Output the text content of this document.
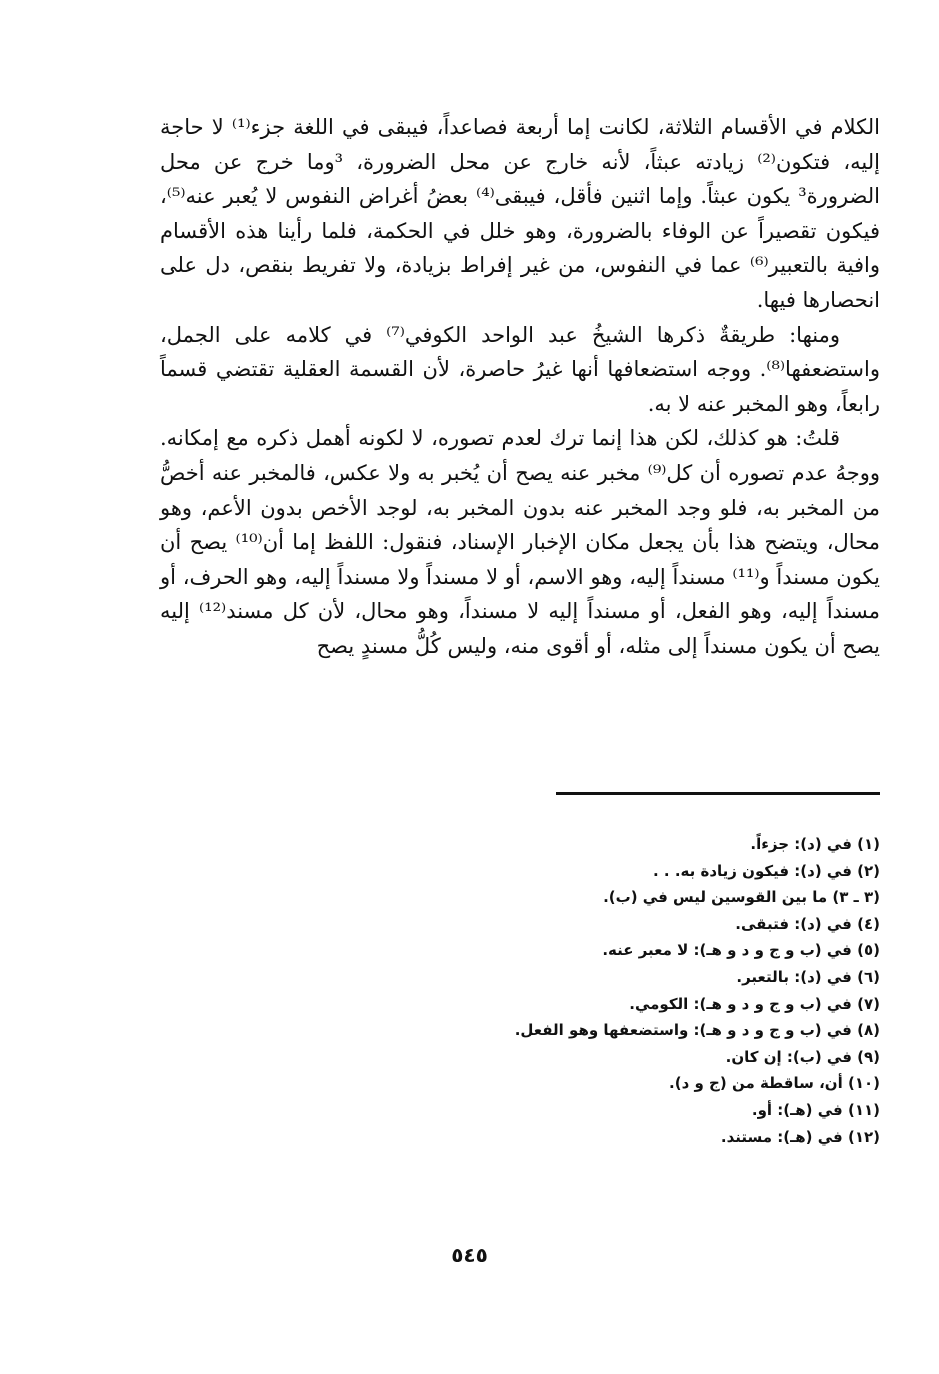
الكلام في الأقسام الثلاثة، لكانت إما أربعة فصاعداً، فيبقى في اللغة جزء⁽¹⁾ لا حاجة إليه، فتكون⁽²⁾ زيادته عبثاً، لأنه خارج عن محل الضرورة، ³وما خرج عن محل الضرورة³ يكون عبثاً. وإما اثنين فأقل، فيبقى⁽⁴⁾ بعضُ أغراض النفوس لا يُعبر عنه⁽⁵⁾، فيكون تقصيراً عن الوفاء بالضرورة، وهو خلل في الحكمة، فلما رأينا هذه الأقسام وافية بالتعبير⁽⁶⁾ عما في النفوس، من غير إفراط بزيادة، ولا تفريط بنقص، دل على انحصارها فيها.

ومنها: طريقةٌ ذكرها الشيخُ عبد الواحد الكوفي⁽⁷⁾ في كلامه على الجمل، واستضعفها⁽⁸⁾. ووجه استضعافها أنها غيرُ حاصرة، لأن القسمة العقلية تقتضي قسماً رابعاً، وهو المخبر عنه لا به.

قلتُ: هو كذلك، لكن هذا إنما ترك لعدم تصوره، لا لكونه أهمل ذكره مع إمكانه. ووجهُ عدم تصوره أن كل⁽⁹⁾ مخبر عنه يصح أن يُخبر به ولا عكس، فالمخبر عنه أخصُّ من المخبر به، فلو وجد المخبر عنه بدون المخبر به، لوجد الأخص بدون الأعم، وهو محال، ويتضح هذا بأن يجعل مكان الإخبار الإسناد، فنقول: اللفظ إما أن⁽¹⁰⁾ يصح أن يكون مسنداً و⁽¹¹⁾ مسنداً إليه، وهو الاسم، أو لا مسنداً ولا مسنداً إليه، وهو الحرف، أو مسنداً إليه، وهو الفعل، أو مسنداً إليه لا مسنداً، وهو محال، لأن كل مسند⁽¹²⁾ إليه يصح أن يكون مسنداً إلى مثله، أو أقوى منه، وليس كُلُّ مسندٍ يصح

(١) في (د): جزءاً.
(٢) في (د): فيكون زيادة به. . .
(٣ ـ ٣) ما بين القوسين ليس في (ب).
(٤) في (د): فتبقى.
(٥) في (ب و ج و د و هـ): لا معبر عنه.
(٦) في (د): بالتعبر.
(٧) في (ب و ج و د و هـ): الكومي.
(٨) في (ب و ج و د و هـ): واستضعفها وهو الفعل.
(٩) في (ب): إن كان.
(١٠) أن، ساقطة من (ج و د).
(١١) في (هـ): أو.
(١٢) في (هـ): مستند.
٥٤٥
